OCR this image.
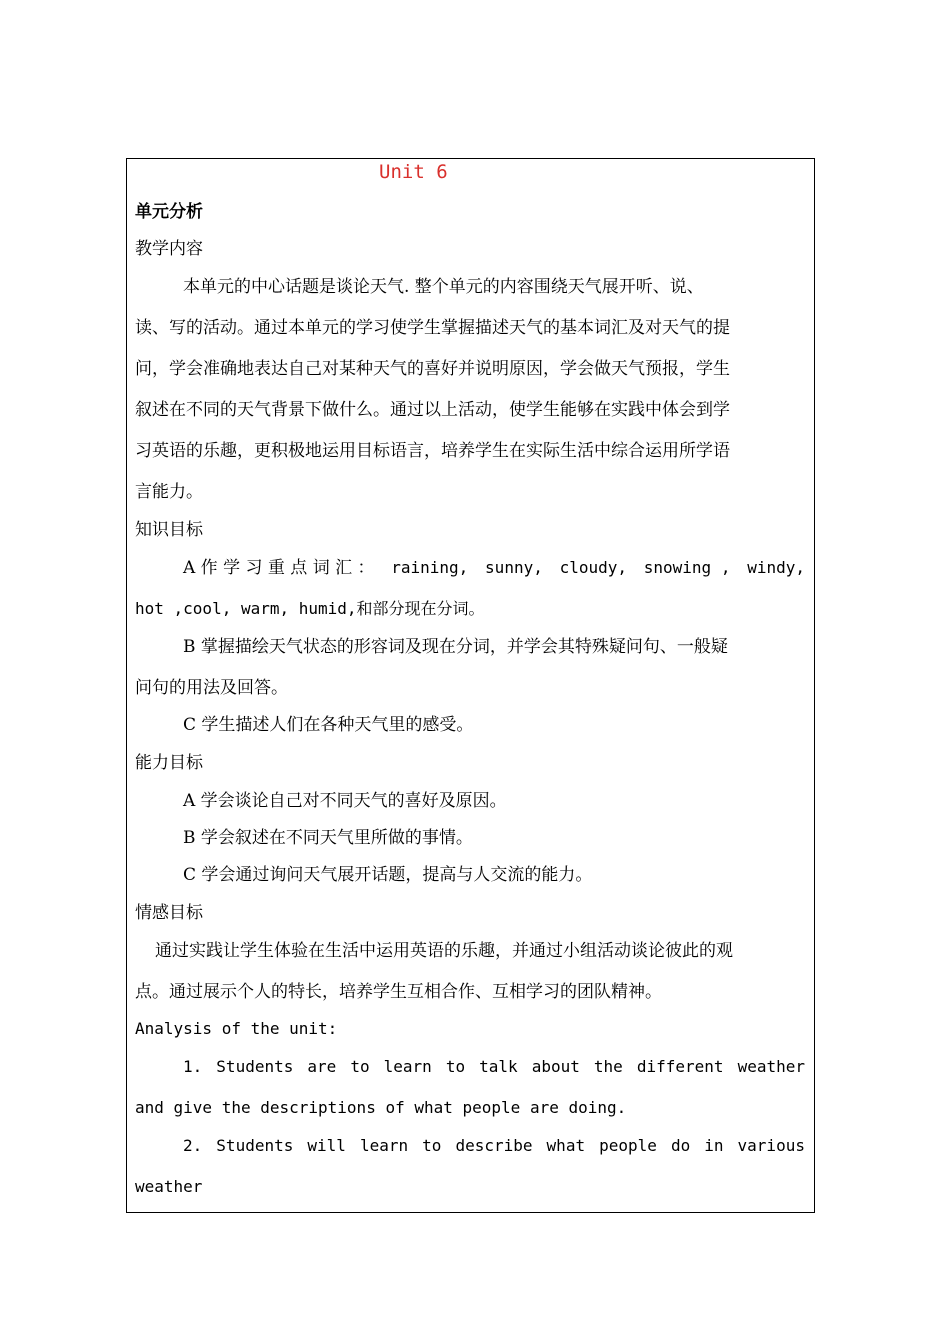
Unit 6
单元分析
教学内容
本单元的中心话题是谈论天气. 整个单元的内容围绕天气展开听、说、
读、写的活动。通过本单元的学习使学生掌握描述天气的基本词汇及对天气的提
问，学会准确地表达自己对某种天气的喜好并说明原因，学会做天气预报，学生
叙述在不同的天气背景下做什么。通过以上活动，使学生能够在实践中体会到学
习英语的乐趣，更积极地运用目标语言，培养学生在实际生活中综合运用所学语
言能力。
知识目标
A 作 学 习 重 点 词 汇 ： raining, sunny, cloudy, snowing , windy,
hot ,cool, warm, humid,和部分现在分词。
B 掌握描绘天气状态的形容词及现在分词，并学会其特殊疑问句、一般疑
问句的用法及回答。
C 学生描述人们在各种天气里的感受。
能力目标
A 学会谈论自己对不同天气的喜好及原因。
B 学会叙述在不同天气里所做的事情。
C 学会通过询问天气展开话题，提高与人交流的能力。
情感目标
通过实践让学生体验在生活中运用英语的乐趣，并通过小组活动谈论彼此的观
点。通过展示个人的特长，培养学生互相合作、互相学习的团队精神。
Analysis of the unit:
1. Students are to learn to talk about the different weather
and give the descriptions of what people are doing.
2. Students will learn to describe what people do in various
weather
